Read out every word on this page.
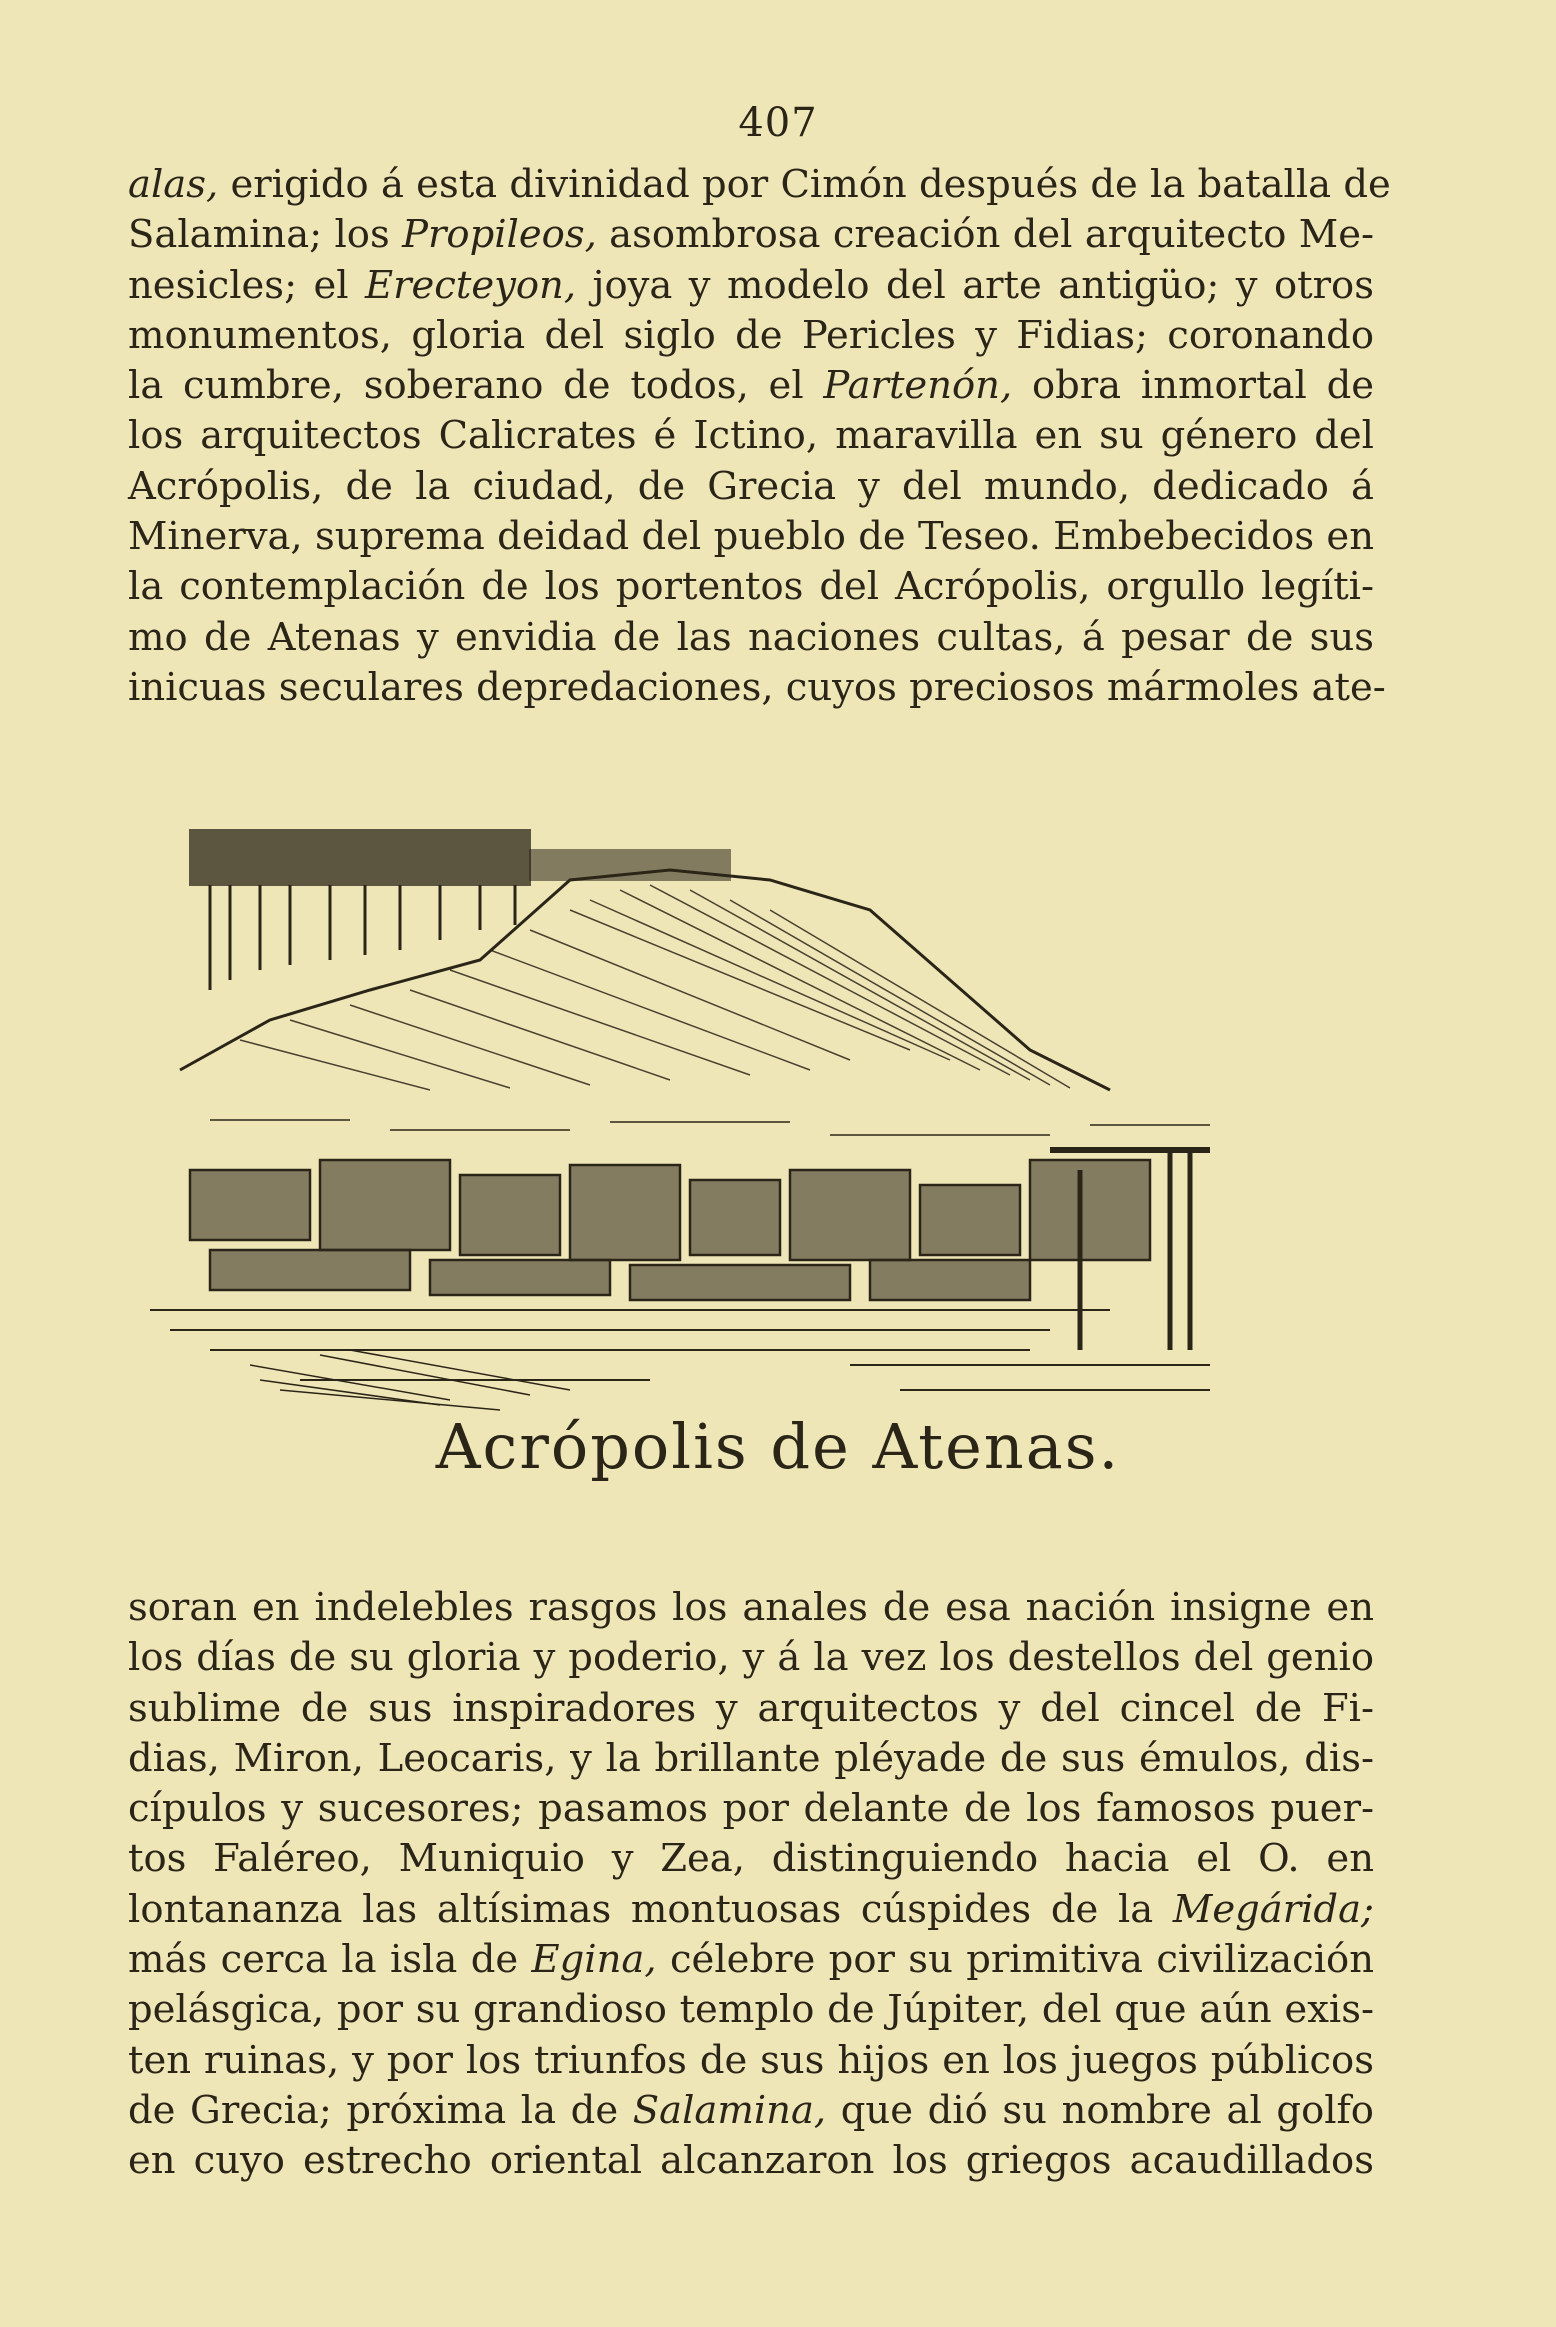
407
alas, erigido á esta divinidad por Cimón después de la batalla de
Salamina; los Propileos, asombrosa creación del arquitecto Me-
nesicles; el Erecteyon, joya y modelo del arte antigüo; y otros
monumentos, gloria del siglo de Pericles y Fidias; coronando
la cumbre, soberano de todos, el Partenón, obra inmortal de
los arquitectos Calicrates é Ictino, maravilla en su género del
Acrópolis, de la ciudad, de Grecia y del mundo, dedicado á
Minerva, suprema deidad del pueblo de Teseo. Embebecidos en
la contemplación de los portentos del Acrópolis, orgullo legíti-
mo de Atenas y envidia de las naciones cultas, á pesar de sus
inicuas seculares depredaciones, cuyos preciosos mármoles ate-
Acrópolis de Atenas.
soran en indelebles rasgos los anales de esa nación insigne en
los días de su gloria y poderio, y á la vez los destellos del genio
sublime de sus inspiradores y arquitectos y del cincel de Fi-
dias, Miron, Leocaris, y la brillante pléyade de sus émulos, dis-
cípulos y sucesores; pasamos por delante de los famosos puer-
tos Faléreo, Muniquio y Zea, distinguiendo hacia el O. en
lontananza las altísimas montuosas cúspides de la Megárida;
más cerca la isla de Egina, célebre por su primitiva civilización
pelásgica, por su grandioso templo de Júpiter, del que aún exis-
ten ruinas, y por los triunfos de sus hijos en los juegos públicos
de Grecia; próxima la de Salamina, que dió su nombre al golfo
en cuyo estrecho oriental alcanzaron los griegos acaudillados
